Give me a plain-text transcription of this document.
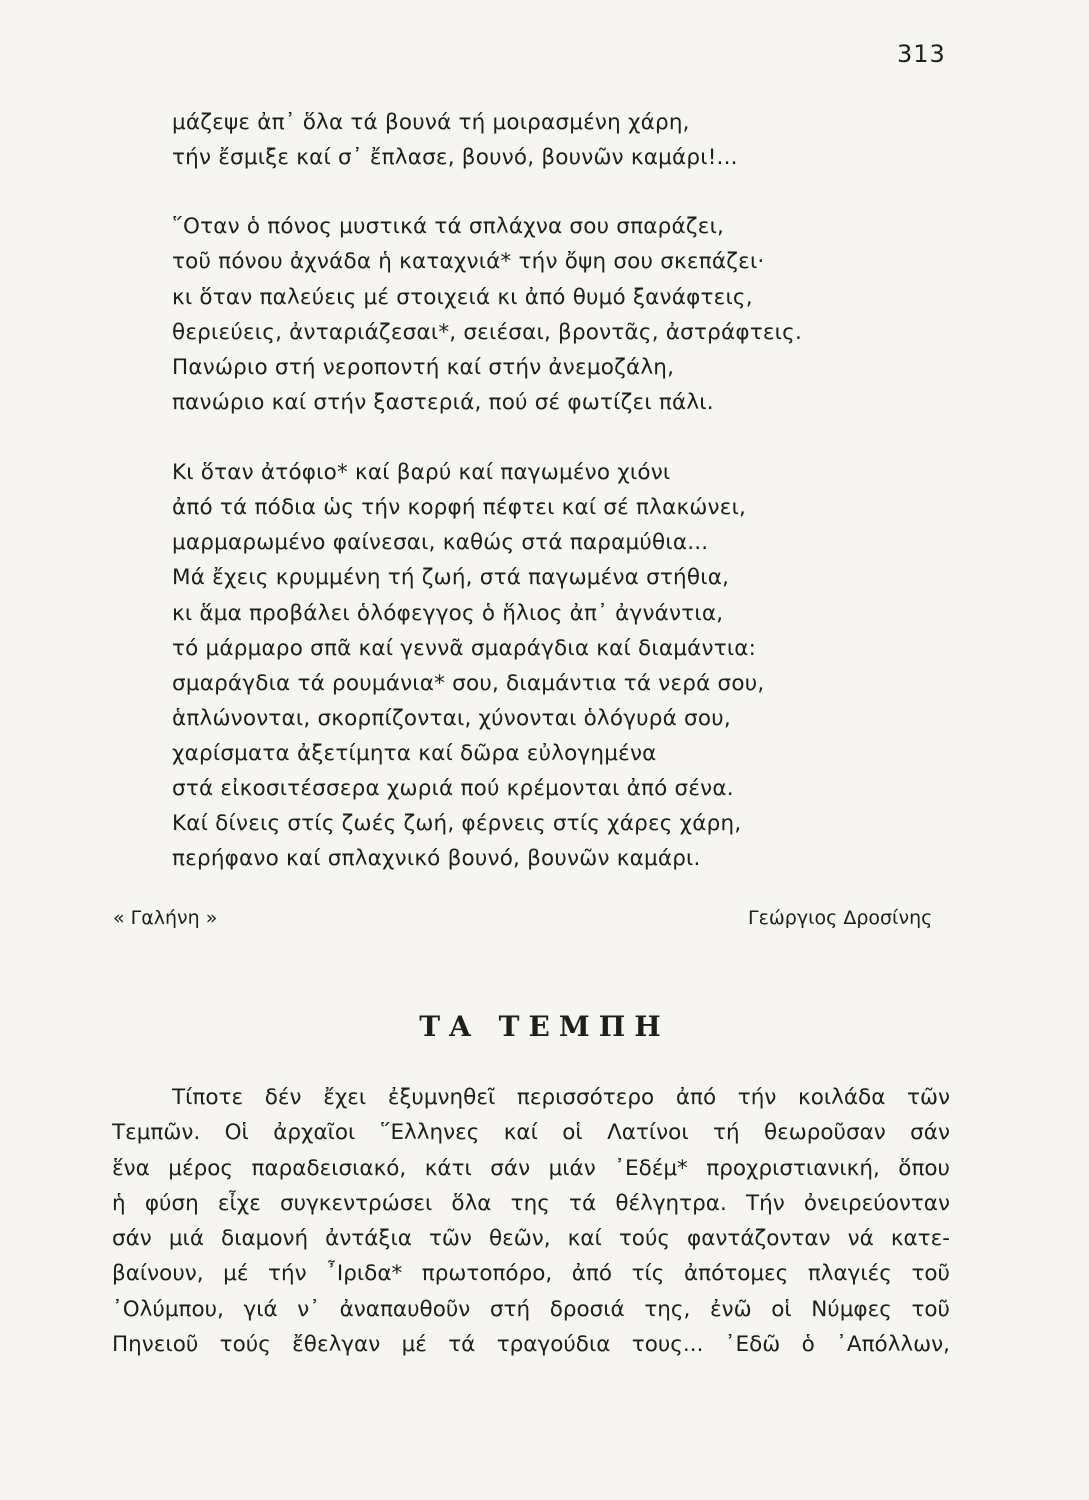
313
μάζεψε ἀπ᾽ ὅλα τά βουνά τή μοιρασμένη χάρη,
τήν ἔσμιξε καί σ᾽ ἔπλασε, βουνό, βουνῶν καμάρι!...
῞Οταν ὁ πόνος μυστικά τά σπλάχνα σου σπαράζει,
τοῦ πόνου ἀχνάδα ἡ καταχνιά* τήν ὄψη σου σκεπάζει·
κι ὅταν παλεύεις μέ στοιχειά κι ἀπό θυμό ξανάφτεις,
θεριεύεις, ἀνταριάζεσαι*, σειέσαι, βροντᾶς, ἀστράφτεις.
Πανώριο στή νεροποντή καί στήν ἀνεμοζάλη,
πανώριο καί στήν ξαστεριά, πού σέ φωτίζει πάλι.
Κι ὅταν ἀτόφιο* καί βαρύ καί παγωμένο χιόνι
ἀπό τά πόδια ὡς τήν κορφή πέφτει καί σέ πλακώνει,
μαρμαρωμένο φαίνεσαι, καθώς στά παραμύθια...
Μά ἔχεις κρυμμένη τή ζωή, στά παγωμένα στήθια,
κι ἅμα προβάλει ὁλόφεγγος ὁ ἥλιος ἀπ᾽ ἀγνάντια,
τό μάρμαρο σπᾶ καί γεννᾶ σμαράγδια καί διαμάντια:
σμαράγδια τά ρουμάνια* σου, διαμάντια τά νερά σου,
ἁπλώνονται, σκορπίζονται, χύνονται ὁλόγυρά σου,
χαρίσματα ἀξετίμητα καί δῶρα εὐλογημένα
στά εἰκοσιτέσσερα χωριά πού κρέμονται ἀπό σένα.
Καί δίνεις στίς ζωές ζωή, φέρνεις στίς χάρες χάρη,
περήφανο καί σπλαχνικό βουνό, βουνῶν καμάρι.
« Γαλήνη »	Γεώργιος Δροσίνης
ΤΑ ΤΕΜΠΗ
Τίποτε δέν ἔχει ἐξυμνηθεῖ περισσότερο ἀπό τήν κοιλάδα τῶν
Τεμπῶν. Οἱ ἀρχαῖοι ῞Ελληνες καί οἱ Λατίνοι τή θεωροῦσαν σάν
ἕνα μέρος παραδεισιακό, κάτι σάν μιάν ᾽Εδέμ* προχριστιανική, ὅπου
ἡ φύση εἶχε συγκεντρώσει ὅλα της τά θέλγητρα. Τήν ὀνειρεύονταν
σάν μιά διαμονή ἀντάξια τῶν θεῶν, καί τούς φαντάζονταν νά κατε-
βαίνουν, μέ τήν ῏Ιριδα* πρωτοπόρο, ἀπό τίς ἀπότομες πλαγιές τοῦ
᾽Ολύμπου, γιά ν᾽ ἀναπαυθοῦν στή δροσιά της, ἐνῶ οἱ Νύμφες τοῦ
Πηνειοῦ τούς ἔθελγαν μέ τά τραγούδια τους... ᾽Εδῶ ὁ ᾽Απόλλων,
